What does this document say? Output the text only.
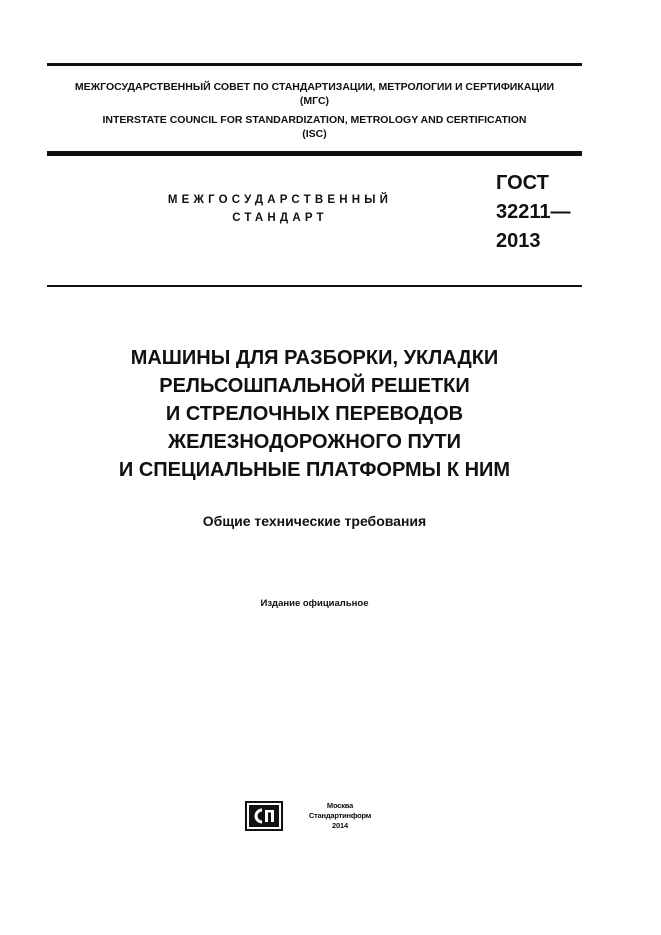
МЕЖГОСУДАРСТВЕННЫЙ СОВЕТ ПО СТАНДАРТИЗАЦИИ, МЕТРОЛОГИИ И СЕРТИФИКАЦИИ
(МГС)
INTERSTATE COUNCIL FOR STANDARDIZATION, METROLOGY AND CERTIFICATION
(ISC)
МЕЖГОСУДАРСТВЕННЫЙ
СТАНДАРТ
ГОСТ
32211—
2013
МАШИНЫ ДЛЯ РАЗБОРКИ, УКЛАДКИ
РЕЛЬСОШПАЛЬНОЙ РЕШЕТКИ
И СТРЕЛОЧНЫХ ПЕРЕВОДОВ
ЖЕЛЕЗНОДОРОЖНОГО ПУТИ
И СПЕЦИАЛЬНЫЕ ПЛАТФОРМЫ К НИМ
Общие технические требования
Издание официальное
Москва
Стандартинформ
2014
